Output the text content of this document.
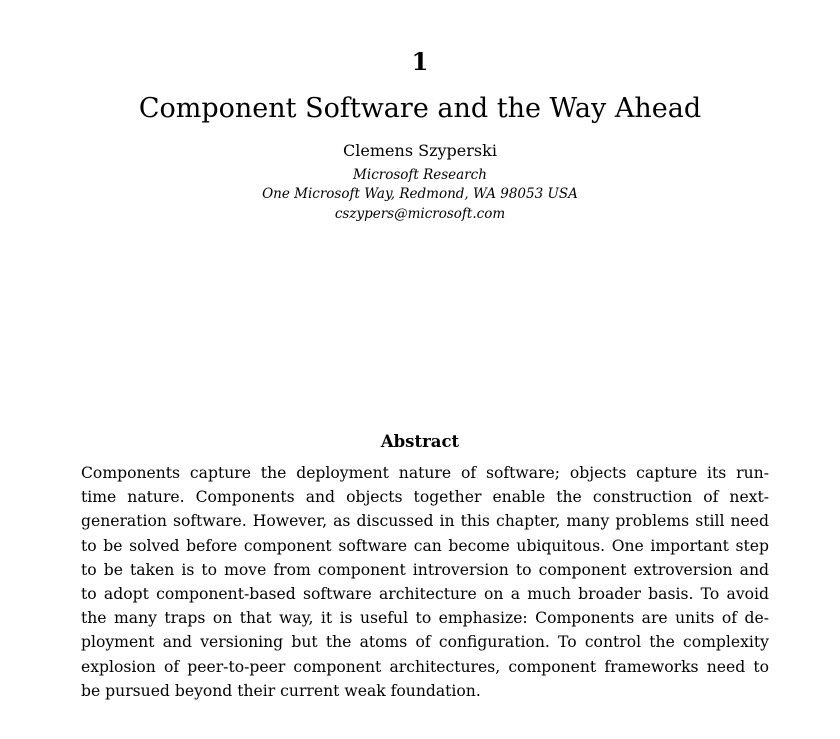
1
Component Software and the Way Ahead
Clemens Szyperski
Microsoft Research
One Microsoft Way, Redmond, WA 98053 USA
cszypers@microsoft.com
Abstract
Components capture the deployment nature of software; objects capture its run-
time nature. Components and objects together enable the construction of next-
generation software. However, as discussed in this chapter, many problems still need
to be solved before component software can become ubiquitous. One important step
to be taken is to move from component introversion to component extroversion and
to adopt component-based software architecture on a much broader basis. To avoid
the many traps on that way, it is useful to emphasize: Components are units of de-
ployment and versioning but the atoms of configuration. To control the complexity
explosion of peer-to-peer component architectures, component frameworks need to
be pursued beyond their current weak foundation.
